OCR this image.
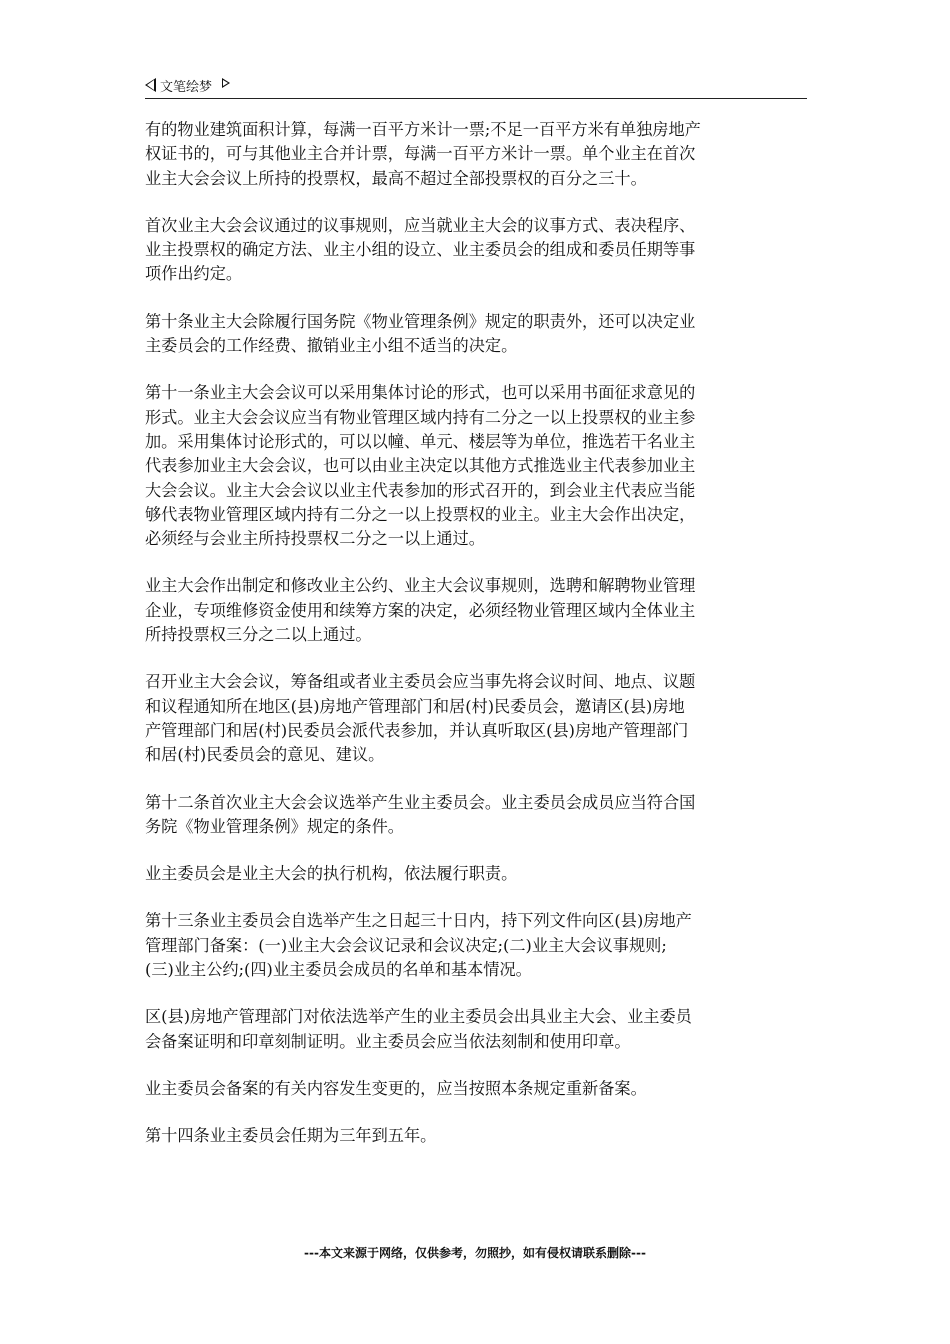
文笔绘梦
有的物业建筑面积计算，每满一百平方米计一票;不足一百平方米有单独房地产
权证书的，可与其他业主合并计票，每满一百平方米计一票。单个业主在首次
业主大会会议上所持的投票权，最高不超过全部投票权的百分之三十。
首次业主大会会议通过的议事规则，应当就业主大会的议事方式、表决程序、
业主投票权的确定方法、业主小组的设立、业主委员会的组成和委员任期等事
项作出约定。
第十条业主大会除履行国务院《物业管理条例》规定的职责外，还可以决定业
主委员会的工作经费、撤销业主小组不适当的决定。
第十一条业主大会会议可以采用集体讨论的形式，也可以采用书面征求意见的
形式。业主大会会议应当有物业管理区域内持有二分之一以上投票权的业主参
加。采用集体讨论形式的，可以以幢、单元、楼层等为单位，推选若干名业主
代表参加业主大会会议，也可以由业主决定以其他方式推选业主代表参加业主
大会会议。业主大会会议以业主代表参加的形式召开的，到会业主代表应当能
够代表物业管理区域内持有二分之一以上投票权的业主。业主大会作出决定，
必须经与会业主所持投票权二分之一以上通过。
业主大会作出制定和修改业主公约、业主大会议事规则，选聘和解聘物业管理
企业，专项维修资金使用和续筹方案的决定，必须经物业管理区域内全体业主
所持投票权三分之二以上通过。
召开业主大会会议，筹备组或者业主委员会应当事先将会议时间、地点、议题
和议程通知所在地区(县)房地产管理部门和居(村)民委员会，邀请区(县)房地
产管理部门和居(村)民委员会派代表参加，并认真听取区(县)房地产管理部门
和居(村)民委员会的意见、建议。
第十二条首次业主大会会议选举产生业主委员会。业主委员会成员应当符合国
务院《物业管理条例》规定的条件。
业主委员会是业主大会的执行机构，依法履行职责。
第十三条业主委员会自选举产生之日起三十日内，持下列文件向区(县)房地产
管理部门备案：(一)业主大会会议记录和会议决定;(二)业主大会议事规则;
(三)业主公约;(四)业主委员会成员的名单和基本情况。
区(县)房地产管理部门对依法选举产生的业主委员会出具业主大会、业主委员
会备案证明和印章刻制证明。业主委员会应当依法刻制和使用印章。
业主委员会备案的有关内容发生变更的，应当按照本条规定重新备案。
第十四条业主委员会任期为三年到五年。
---本文来源于网络，仅供参考，勿照抄，如有侵权请联系删除---
